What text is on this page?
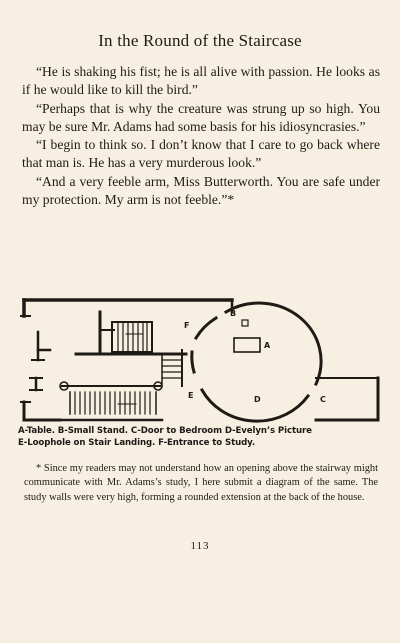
In the Round of the Staircase

“He is shaking his fist; he is all alive with passion. He looks as if he would like to kill the bird.”

“Perhaps that is why the creature was strung up so high. You may be sure Mr. Adams had some basis for his idiosyncrasies.”

“I begin to think so. I don’t know that I care to go back where that man is. He has a very murderous look.”

“And a very feeble arm, Miss Butterworth. You are safe under my protection. My arm is not feeble.”*

A
B
C
D
E
F
A-Table. B-Small Stand. C-Door to Bedroom D-Evelyn’s Picture
E-Loophole on Stair Landing. F-Entrance to Study.

* Since my readers may not understand how an opening above the stairway might communicate with Mr. Adams’s study, I here submit a diagram of the same. The study walls were very high, forming a rounded extension at the back of the house.

113
